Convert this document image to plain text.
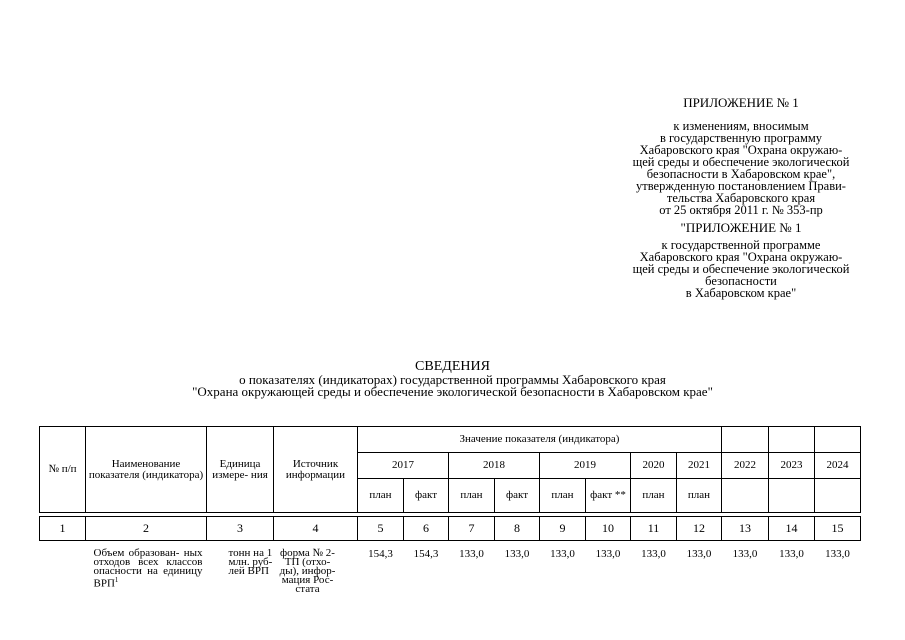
ПРИЛОЖЕНИЕ № 1
к изменениям, вносимым
в государственную программу
Хабаровского края "Охрана окружаю-
щей среды и обеспечение экологической
безопасности в Хабаровском крае",
утвержденную постановлением Прави-
тельства Хабаровского края
от 25 октября 2011 г. № 353-пр
"ПРИЛОЖЕНИЕ № 1
к государственной программе
Хабаровского края "Охрана окружаю-
щей среды и обеспечение экологической
безопасности
в Хабаровском крае"
СВЕДЕНИЯ
о показателях (индикаторах) государственной программы Хабаровского края
"Охрана окружающей среды и обеспечение экологической безопасности в Хабаровском крае"
№ п/п	Наименование показателя (индикатора)	Единица измере- ния	Источник информации	Значение показателя (индикатора)										
				2017		2018		2019		2020	2021	2022	2023	2024
				план	факт	план	факт	план	факт **	план	план			

1	2	3	4	5	6	7	8	9	10	11	12	13	14	15
	Объем образован- ных отходов всех классов опасности на единицу ВРП$^1$	тонн на 1 млн. руб- лей ВРП	форма № 2- ТП (отхо- ды), инфор- мация Рос- стата	154,3	154,3	133,0	133,0	133,0	133,0	133,0	133,0	133,0	133,0	133,0
